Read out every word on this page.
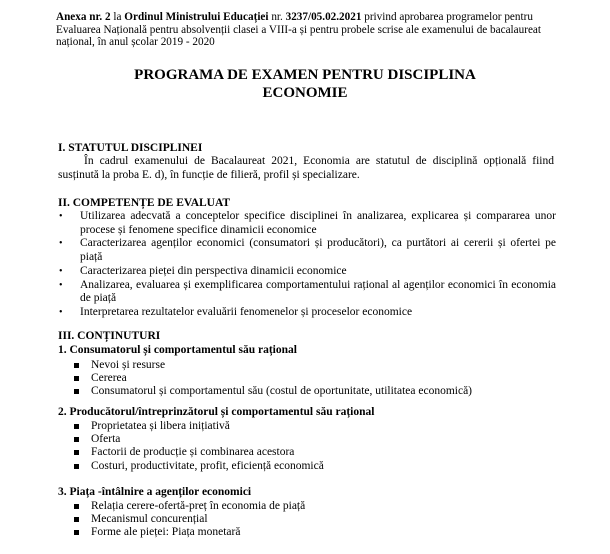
Anexa nr. 2 la Ordinul Ministrului Educației nr. 3237/05.02.2021 privind aprobarea programelor pentru Evaluarea Națională pentru absolvenții clasei a VIII-a și pentru probele scrise ale examenului de bacalaureat național, în anul școlar 2019 - 2020
PROGRAMA DE EXAMEN PENTRU DISCIPLINA
ECONOMIE
I. STATUTUL DISCIPLINEI
În cadrul examenului de Bacalaureat 2021, Economia are statutul de disciplină opțională fiind susținută la proba E. d), în funcție de filieră, profil și specializare.
II. COMPETENȚE DE EVALUAT
• Utilizarea adecvată a conceptelor specifice disciplinei în analizarea, explicarea și compararea unor procese și fenomene specifice dinamicii economice
• Caracterizarea agenților economici (consumatori și producători), ca purtători ai cererii și ofertei pe piață
• Caracterizarea pieței din perspectiva dinamicii economice
• Analizarea, evaluarea și exemplificarea comportamentului rațional al agenților economici în economia de piață
• Interpretarea rezultatelor evaluării fenomenelor și proceselor economice
III. CONȚINUTURI
1. Consumatorul și comportamentul său rațional
Nevoi și resurse
Cererea
Consumatorul și comportamentul său (costul de oportunitate, utilitatea economică)
2. Producătorul/întreprinzătorul și comportamentul său rațional
Proprietatea și libera inițiativă
Oferta
Factorii de producție și combinarea acestora
Costuri, productivitate, profit, eficiență economică
3. Piața -întâlnire a agenților economici
Relația cerere-ofertă-preț în economia de piață
Mecanismul concurențial
Forme ale pieței: Piața monetară
